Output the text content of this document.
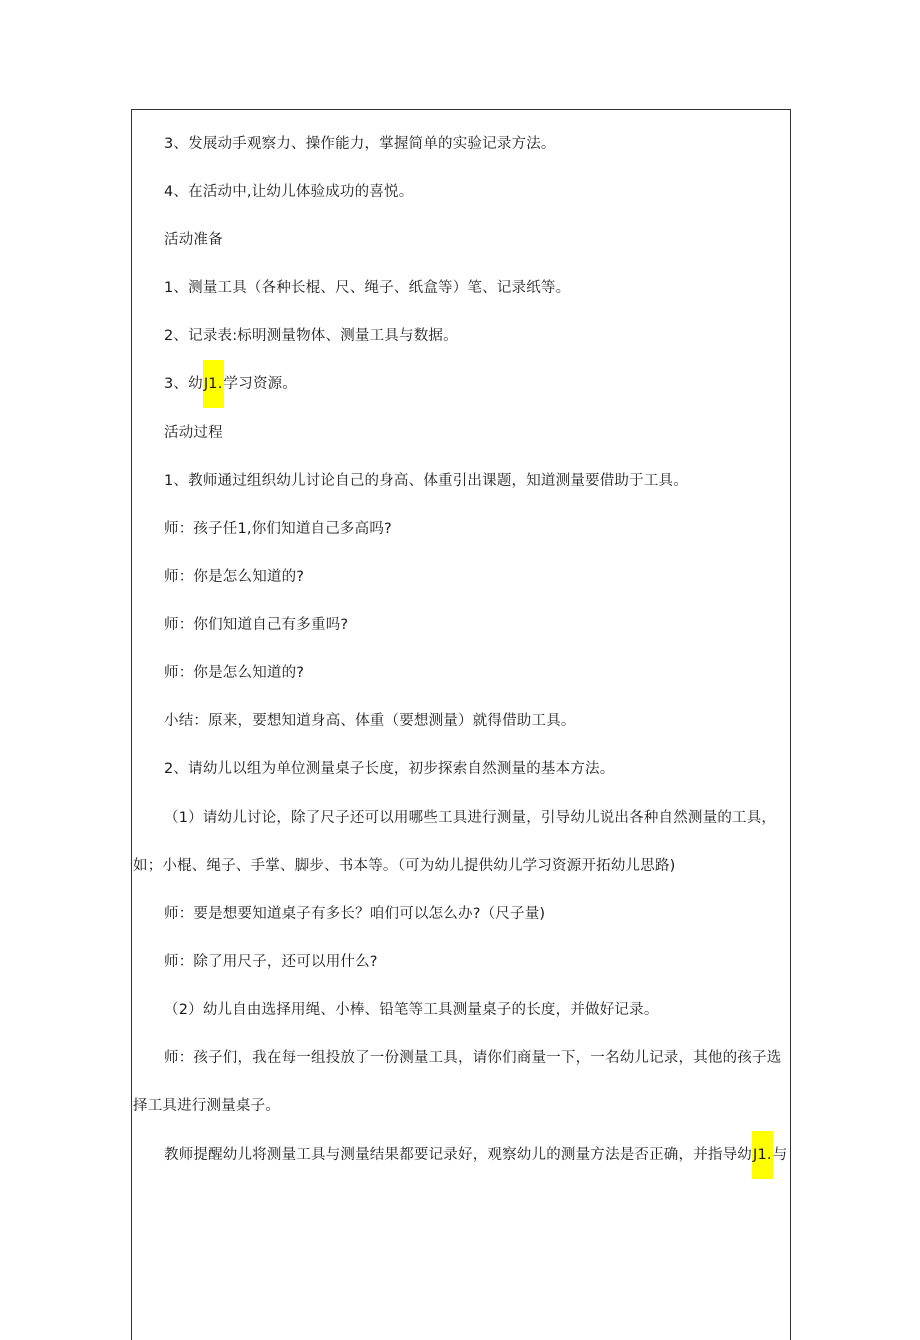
3、发展动手观察力、操作能力，掌握简单的实验记录方法。
4、在活动中,让幼儿体验成功的喜悦。
活动准备
1、测量工具（各种长棍、尺、绳子、纸盒等）笔、记录纸等。
2、记录表:标明测量物体、测量工具与数据。
3、幼J1.学习资源。
活动过程
1、教师通过组织幼儿讨论自己的身高、体重引出课题，知道测量要借助于工具。
师：孩子任1,你们知道自己多高吗?
师：你是怎么知道的?
师：你们知道自己有多重吗?
师：你是怎么知道的?
小结：原来，要想知道身高、体重（要想测量）就得借助工具。
2、请幼儿以组为单位测量桌子长度，初步探索自然测量的基本方法。
（1）请幼儿讨论，除了尺子还可以用哪些工具进行测量，引导幼儿说出各种自然测量的工具，
如；小棍、绳子、手掌、脚步、书本等。（可为幼儿提供幼儿学习资源开拓幼儿思路)
师：要是想要知道桌子有多长？咱们可以怎么办?（尺子量)
师：除了用尺子，还可以用什么?
（2）幼儿自由选择用绳、小棒、铅笔等工具测量桌子的长度，并做好记录。
师：孩子们，我在每一组投放了一份测量工具，请你们商量一下，一名幼儿记录，其他的孩子选
择工具进行测量桌子。
教师提醒幼儿将测量工具与测量结果都要记录好，观察幼儿的测量方法是否正确，并指导幼J1.与
